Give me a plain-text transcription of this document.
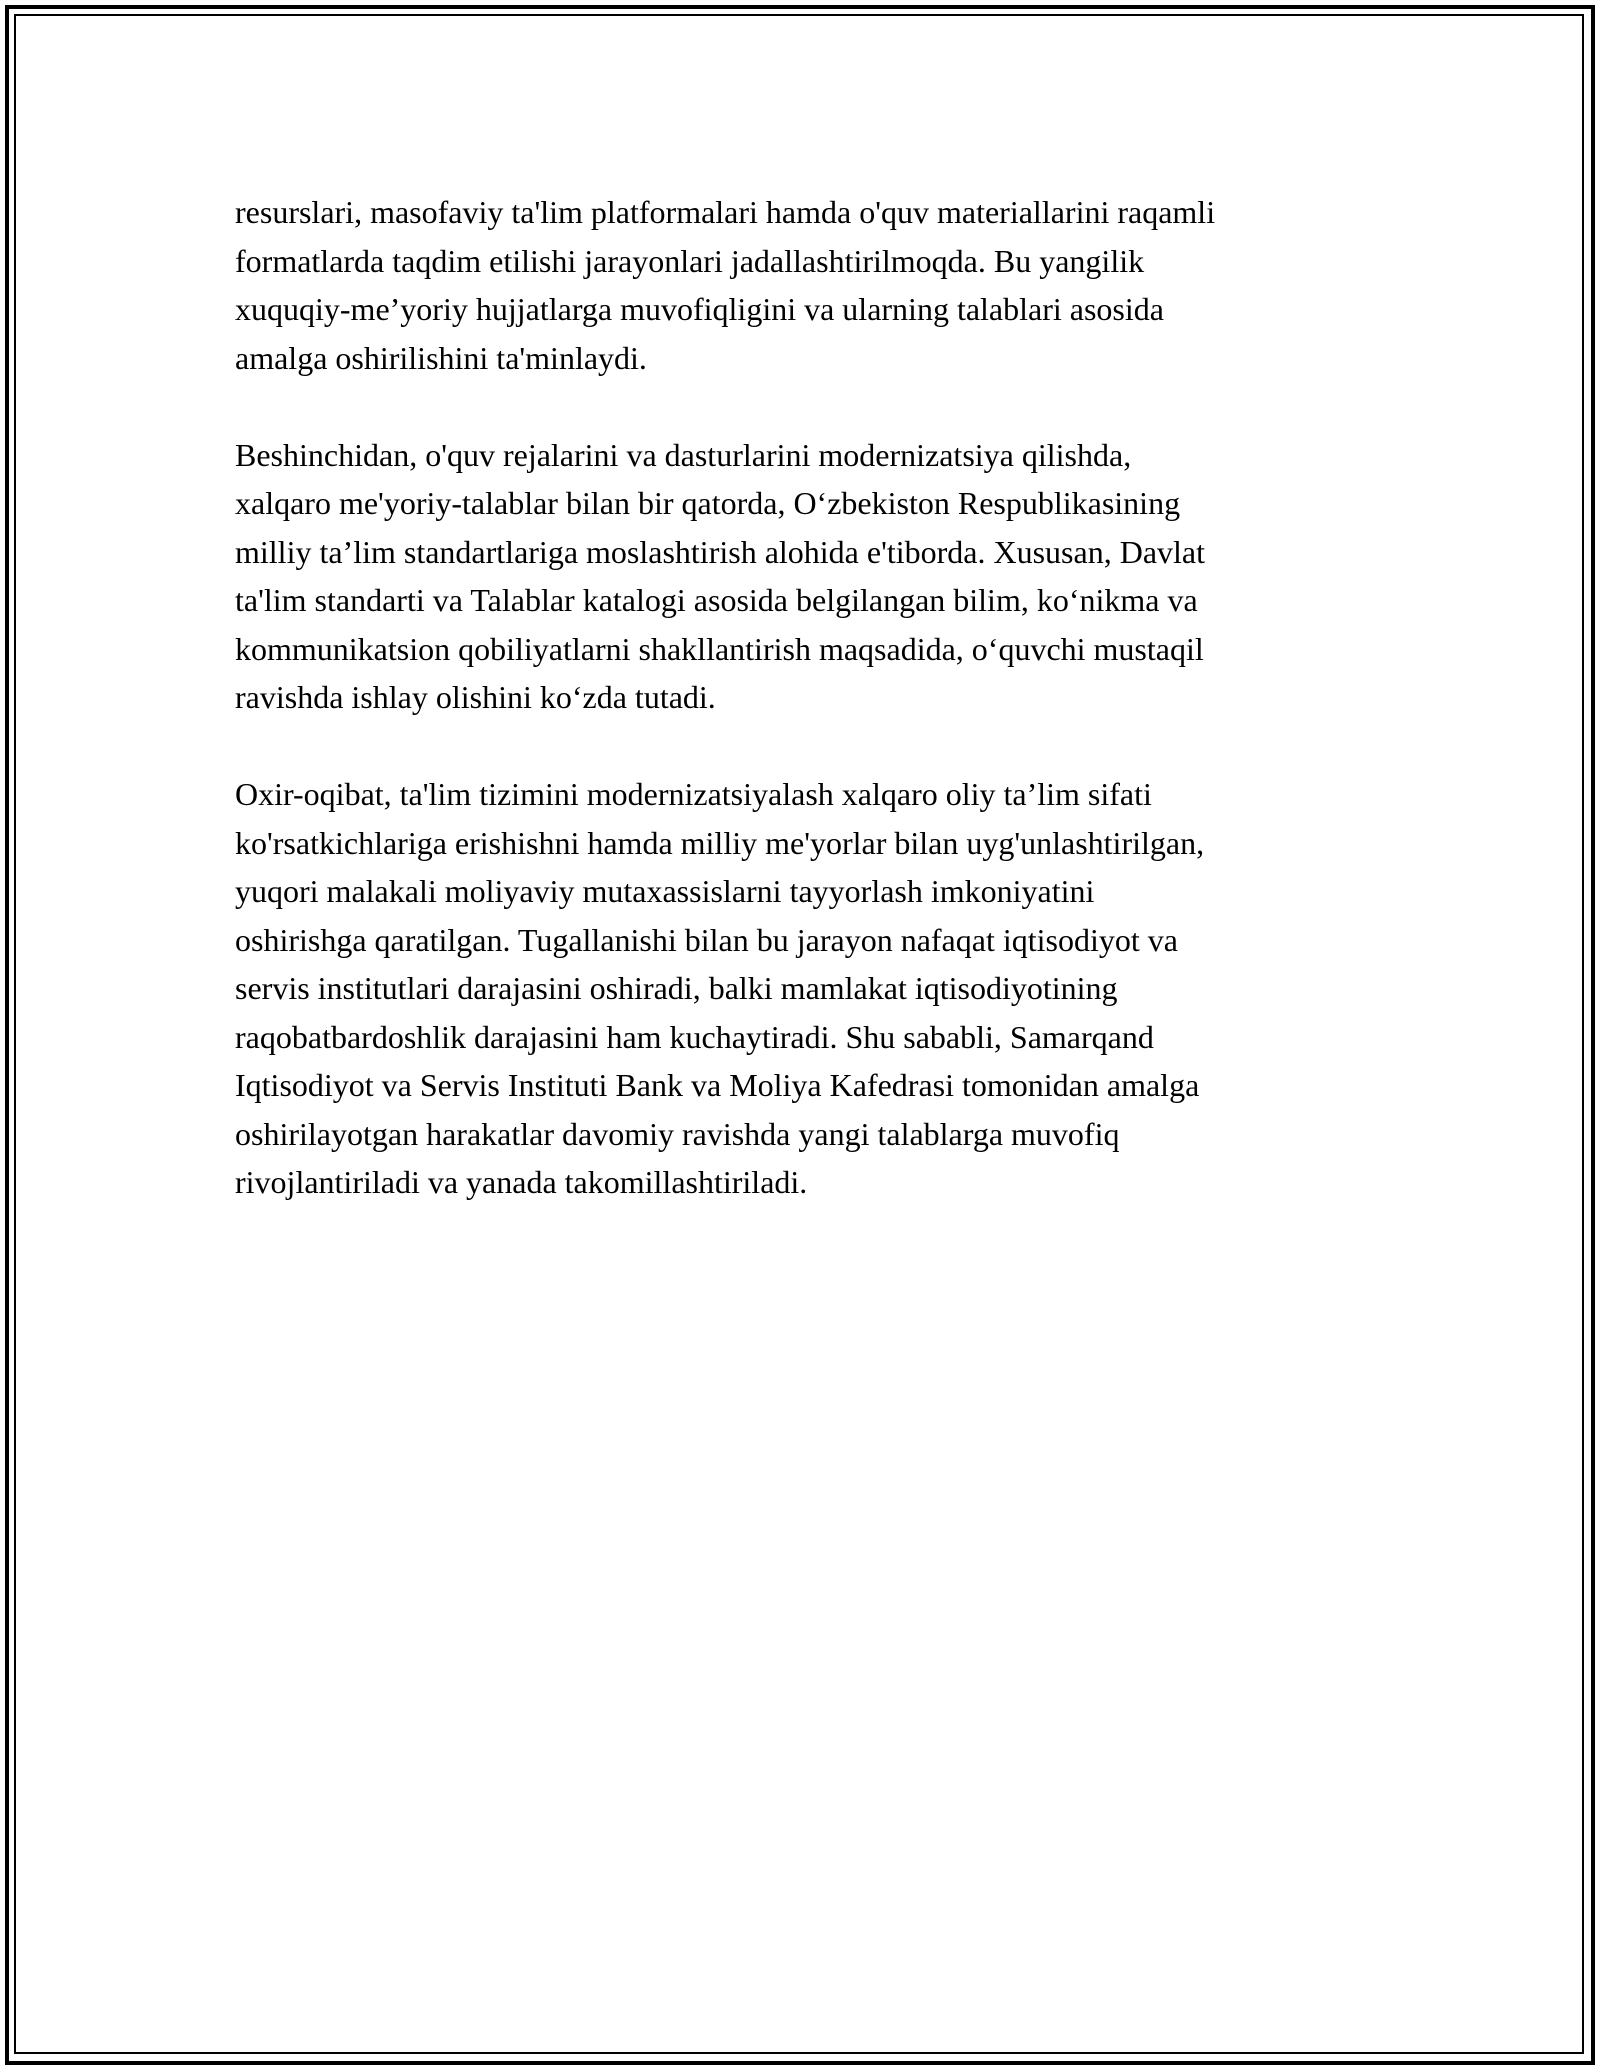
resurslari, masofaviy ta'lim platformalari hamda o'quv materiallarini raqamli
formatlarda taqdim etilishi jarayonlari jadallashtirilmoqda. Bu yangilik
xuquqiy-me’yoriy hujjatlarga muvofiqligini va ularning talablari asosida
amalga oshirilishini ta'minlaydi.
Beshinchidan, o'quv rejalarini va dasturlarini modernizatsiya qilishda,
xalqaro me'yoriy-talablar bilan bir qatorda, O‘zbekiston Respublikasining
milliy ta’lim standartlariga moslashtirish alohida e'tiborda. Xususan, Davlat
ta'lim standarti va Talablar katalogi asosida belgilangan bilim, ko‘nikma va
kommunikatsion qobiliyatlarni shakllantirish maqsadida, o‘quvchi mustaqil
ravishda ishlay olishini ko‘zda tutadi.
Oxir-oqibat, ta'lim tizimini modernizatsiyalash xalqaro oliy ta’lim sifati
ko'rsatkichlariga erishishni hamda milliy me'yorlar bilan uyg'unlashtirilgan,
yuqori malakali moliyaviy mutaxassislarni tayyorlash imkoniyatini
oshirishga qaratilgan. Tugallanishi bilan bu jarayon nafaqat iqtisodiyot va
servis institutlari darajasini oshiradi, balki mamlakat iqtisodiyotining
raqobatbardoshlik darajasini ham kuchaytiradi. Shu sababli, Samarqand
Iqtisodiyot va Servis Instituti Bank va Moliya Kafedrasi tomonidan amalga
oshirilayotgan harakatlar davomiy ravishda yangi talablarga muvofiq
rivojlantiriladi va yanada takomillashtiriladi.
